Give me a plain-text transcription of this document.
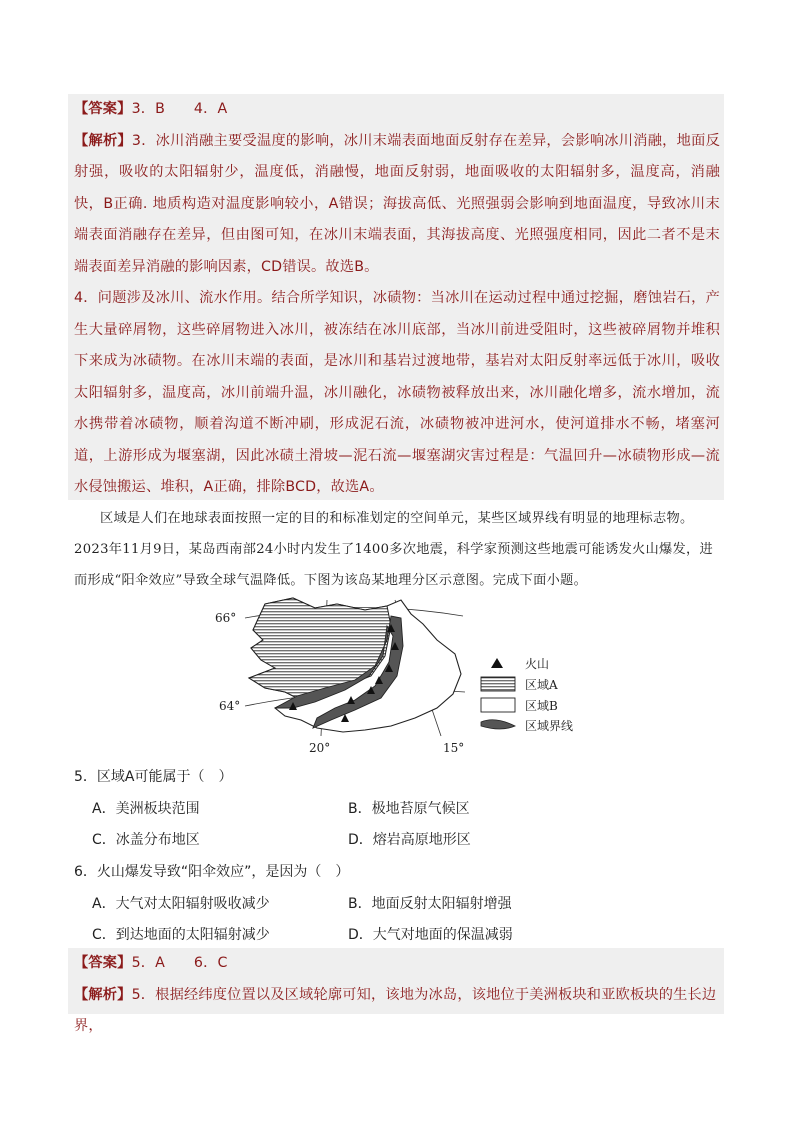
【答案】3．B　　4．A

【解析】3．冰川消融主要受温度的影响，冰川末端表面地面反射存在差异，会影响冰川消融，地面反射强，吸收的太阳辐射少，温度低，消融慢，地面反射弱，地面吸收的太阳辐射多，温度高，消融快，B正确. 地质构造对温度影响较小，A错误；海拔高低、光照强弱会影响到地面温度，导致冰川末端表面消融存在差异，但由图可知，在冰川末端表面，其海拔高度、光照强度相同，因此二者不是末端表面差异消融的影响因素，CD错误。故选B。

4．问题涉及冰川、流水作用。结合所学知识，冰碛物：当冰川在运动过程中通过挖掘，磨蚀岩石，产生大量碎屑物，这些碎屑物进入冰川，被冻结在冰川底部，当冰川前进受阻时，这些被碎屑物并堆积下来成为冰碛物。在冰川末端的表面，是冰川和基岩过渡地带，基岩对太阳反射率远低于冰川，吸收太阳辐射多，温度高，冰川前端升温，冰川融化，冰碛物被释放出来，冰川融化增多，流水增加，流水携带着冰碛物，顺着沟道不断冲刷，形成泥石流，冰碛物被冲进河水，使河道排水不畅，堵塞河道，上游形成为堰塞湖，因此冰碛土滑坡—泥石流—堰塞湖灾害过程是：气温回升—冰碛物形成—流水侵蚀搬运、堆积，A正确，排除BCD，故选A。

区域是人们在地球表面按照一定的目的和标准划定的空间单元，某些区域界线有明显的地理标志物。2023年11月9日，某岛西南部24小时内发生了1400多次地震，科学家预测这些地震可能诱发火山爆发，进而形成“阳伞效应”导致全球气温降低。下图为该岛某地理分区示意图。完成下面小题。
66°
64°
20°	15°
火山
区域A
区域B
区域界线
5．区域A可能属于（　）
A．美洲板块范围	B．极地苔原气候区
C．冰盖分布地区	D．熔岩高原地形区
6．火山爆发导致“阳伞效应”，是因为（　）
A．大气对太阳辐射吸收减少	B．地面反射太阳辐射增强
C．到达地面的太阳辐射减少	D．大气对地面的保温减弱

【答案】5．A　　6．C

【解析】5．根据经纬度位置以及区域轮廓可知，该地为冰岛，该地位于美洲板块和亚欧板块的生长边界，
